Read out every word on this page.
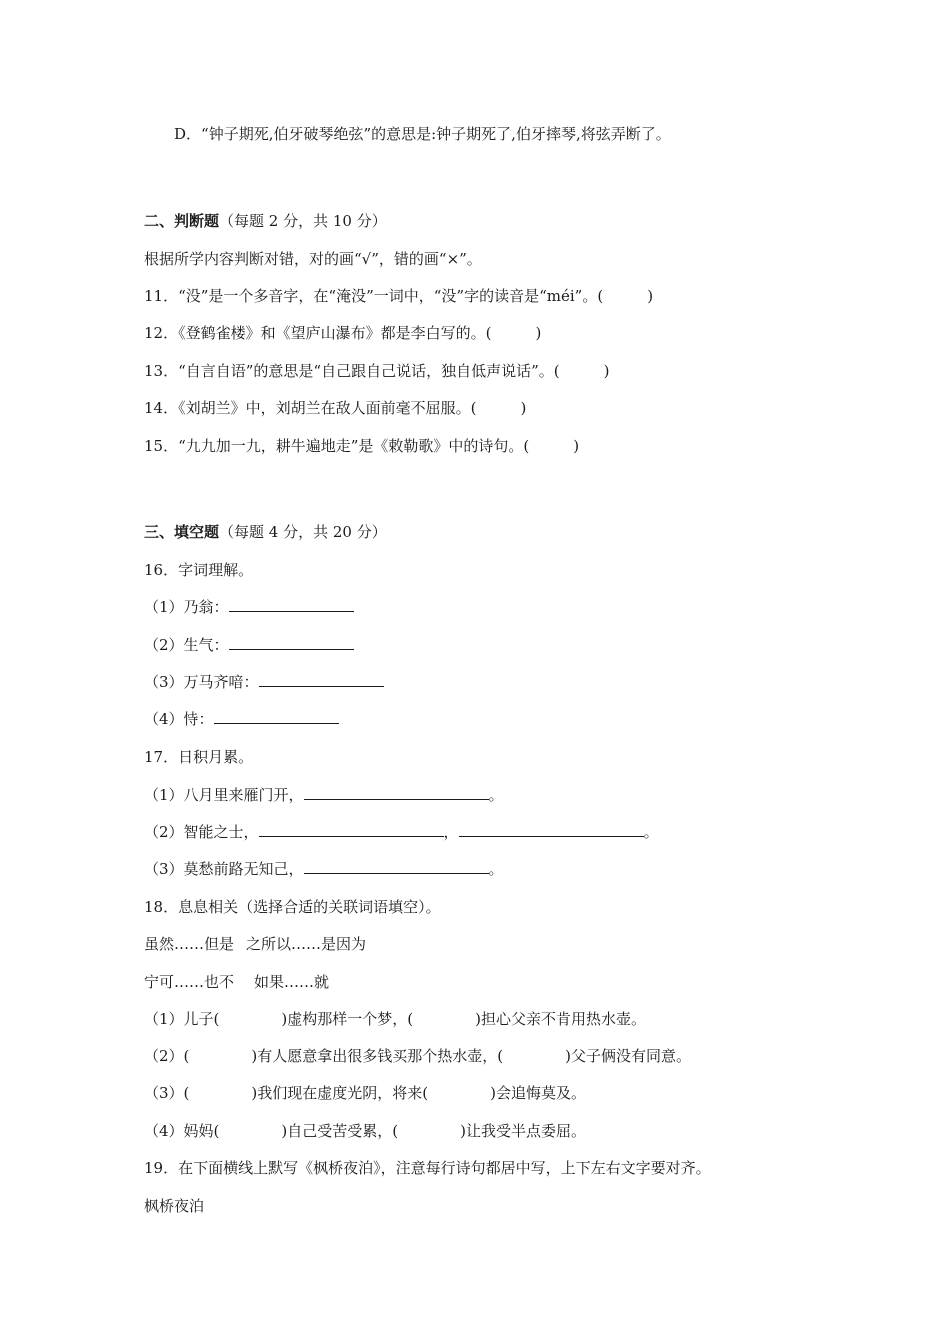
D．“钟子期死,伯牙破琴绝弦”的意思是:钟子期死了,伯牙摔琴,将弦弄断了。
二、判断题（每题 2 分，共 10 分）
根据所学内容判断对错，对的画“√”，错的画“×”。
11．“没”是一个多音字，在“淹没”一词中，“没”字的读音是“méi”。(	)
12．《登鹤雀楼》和《望庐山瀑布》都是李白写的。(	)
13．“自言自语”的意思是“自己跟自己说话，独自低声说话”。(	)
14．《刘胡兰》中，刘胡兰在敌人面前毫不屈服。(	)
15．“九九加一九，耕牛遍地走”是《敕勒歌》中的诗句。(	)
三、填空题（每题 4 分，共 20 分）
16．字词理解。
（1）乃翁：
（2）生气：
（3）万马齐喑：
（4）恃：
17．日积月累。
（1）八月里来雁门开，	。
（2）智能之士，	，	。
（3）莫愁前路无知己，	。
18．息息相关（选择合适的关联词语填空）。
虽然……但是 之所以……是因为
宁可……也不 如果……就
（1）儿子(	)虚构那样一个梦，(	)担心父亲不肯用热水壶。
（2）(	)有人愿意拿出很多钱买那个热水壶，(	)父子俩没有同意。
（3）(	)我们现在虚度光阴，将来(	)会追悔莫及。
（4）妈妈(	)自己受苦受累，(	)让我受半点委屈。
19．在下面横线上默写《枫桥夜泊》，注意每行诗句都居中写，上下左右文字要对齐。
枫桥夜泊
